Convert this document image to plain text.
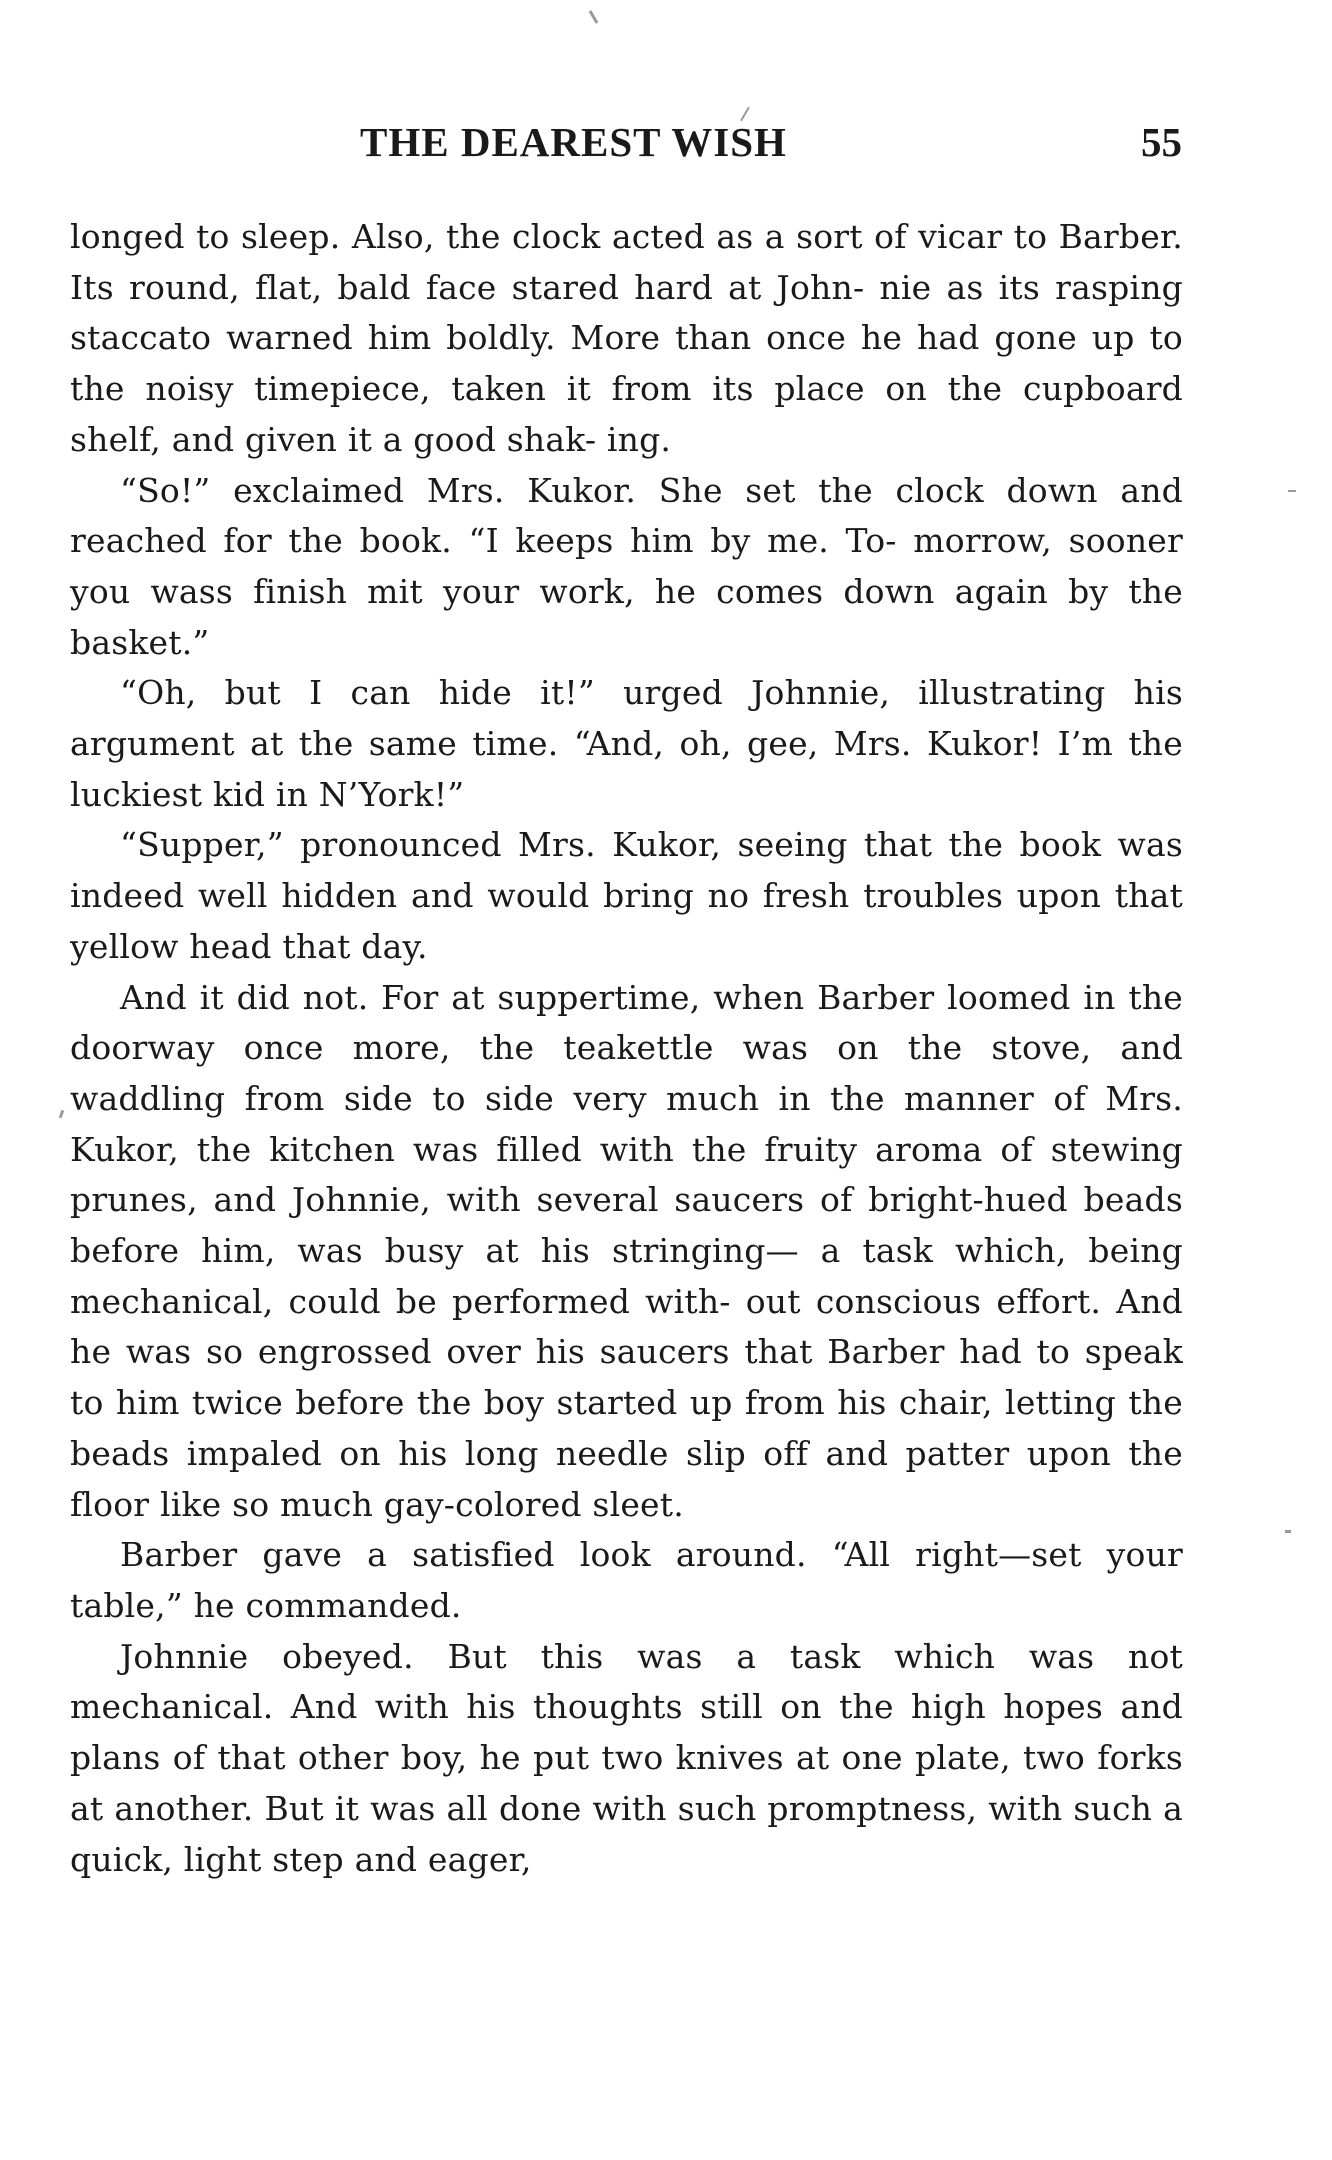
THE DEAREST WISH	55

longed to sleep. Also, the clock acted as a sort of vicar to Barber. Its round, flat, bald face stared hard at John- nie as its rasping staccato warned him boldly. More than once he had gone up to the noisy timepiece, taken it from its place on the cupboard shelf, and given it a good shak- ing.

“So!” exclaimed Mrs. Kukor. She set the clock down and reached for the book. “I keeps him by me. To- morrow, sooner you wass finish mit your work, he comes down again by the basket.”

“Oh, but I can hide it!” urged Johnnie, illustrating his argument at the same time. “And, oh, gee, Mrs. Kukor! I’m the luckiest kid in N’York!”

“Supper,” pronounced Mrs. Kukor, seeing that the book was indeed well hidden and would bring no fresh troubles upon that yellow head that day.

And it did not. For at suppertime, when Barber loomed in the doorway once more, the teakettle was on the stove, and waddling from side to side very much in the manner of Mrs. Kukor, the kitchen was filled with the fruity aroma of stewing prunes, and Johnnie, with several saucers of bright-hued beads before him, was busy at his stringing— a task which, being mechanical, could be performed with- out conscious effort. And he was so engrossed over his saucers that Barber had to speak to him twice before the boy started up from his chair, letting the beads impaled on his long needle slip off and patter upon the floor like so much gay-colored sleet.

Barber gave a satisfied look around. “All right—set your table,” he commanded.

Johnnie obeyed. But this was a task which was not mechanical. And with his thoughts still on the high hopes and plans of that other boy, he put two knives at one plate, two forks at another. But it was all done with such promptness, with such a quick, light step and eager,
